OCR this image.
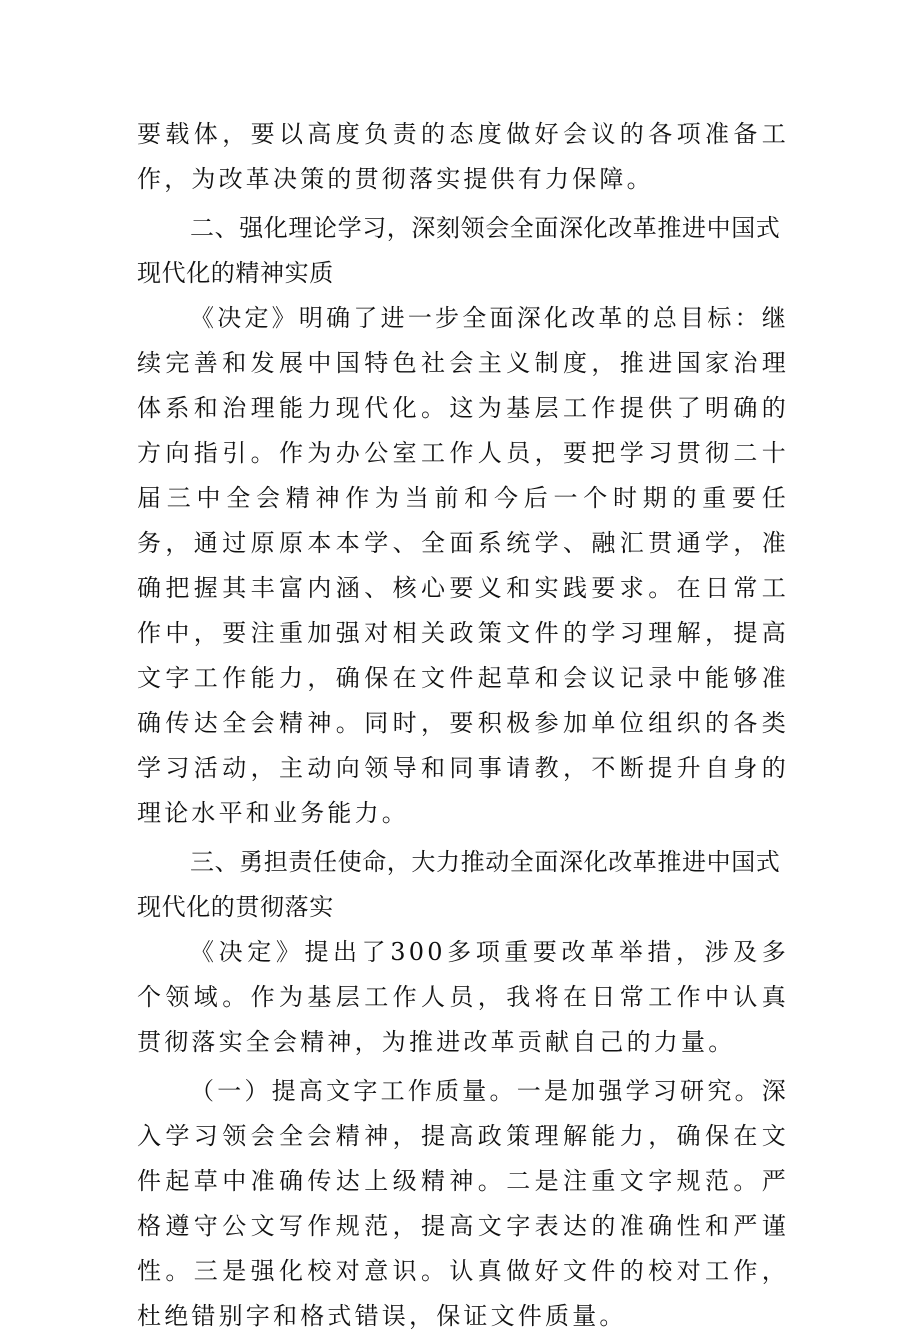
要载体，要以高度负责的态度做好会议的各项准备工作，为改革决策的贯彻落实提供有力保障。

二、强化理论学习，深刻领会全面深化改革推进中国式现代化的精神实质

《决定》明确了进一步全面深化改革的总目标：继续完善和发展中国特色社会主义制度，推进国家治理体系和治理能力现代化。这为基层工作提供了明确的方向指引。作为办公室工作人员，要把学习贯彻二十届三中全会精神作为当前和今后一个时期的重要任务，通过原原本本学、全面系统学、融汇贯通学，准确把握其丰富内涵、核心要义和实践要求。在日常工作中，要注重加强对相关政策文件的学习理解，提高文字工作能力，确保在文件起草和会议记录中能够准确传达全会精神。同时，要积极参加单位组织的各类学习活动，主动向领导和同事请教，不断提升自身的理论水平和业务能力。

三、勇担责任使命，大力推动全面深化改革推进中国式现代化的贯彻落实

《决定》提出了300多项重要改革举措，涉及多个领域。作为基层工作人员，我将在日常工作中认真贯彻落实全会精神，为推进改革贡献自己的力量。

（一）提高文字工作质量。一是加强学习研究。深入学习领会全会精神，提高政策理解能力，确保在文件起草中准确传达上级精神。二是注重文字规范。严格遵守公文写作规范，提高文字表达的准确性和严谨性。三是强化校对意识。认真做好文件的校对工作，杜绝错别字和格式错误，保证文件质量。
